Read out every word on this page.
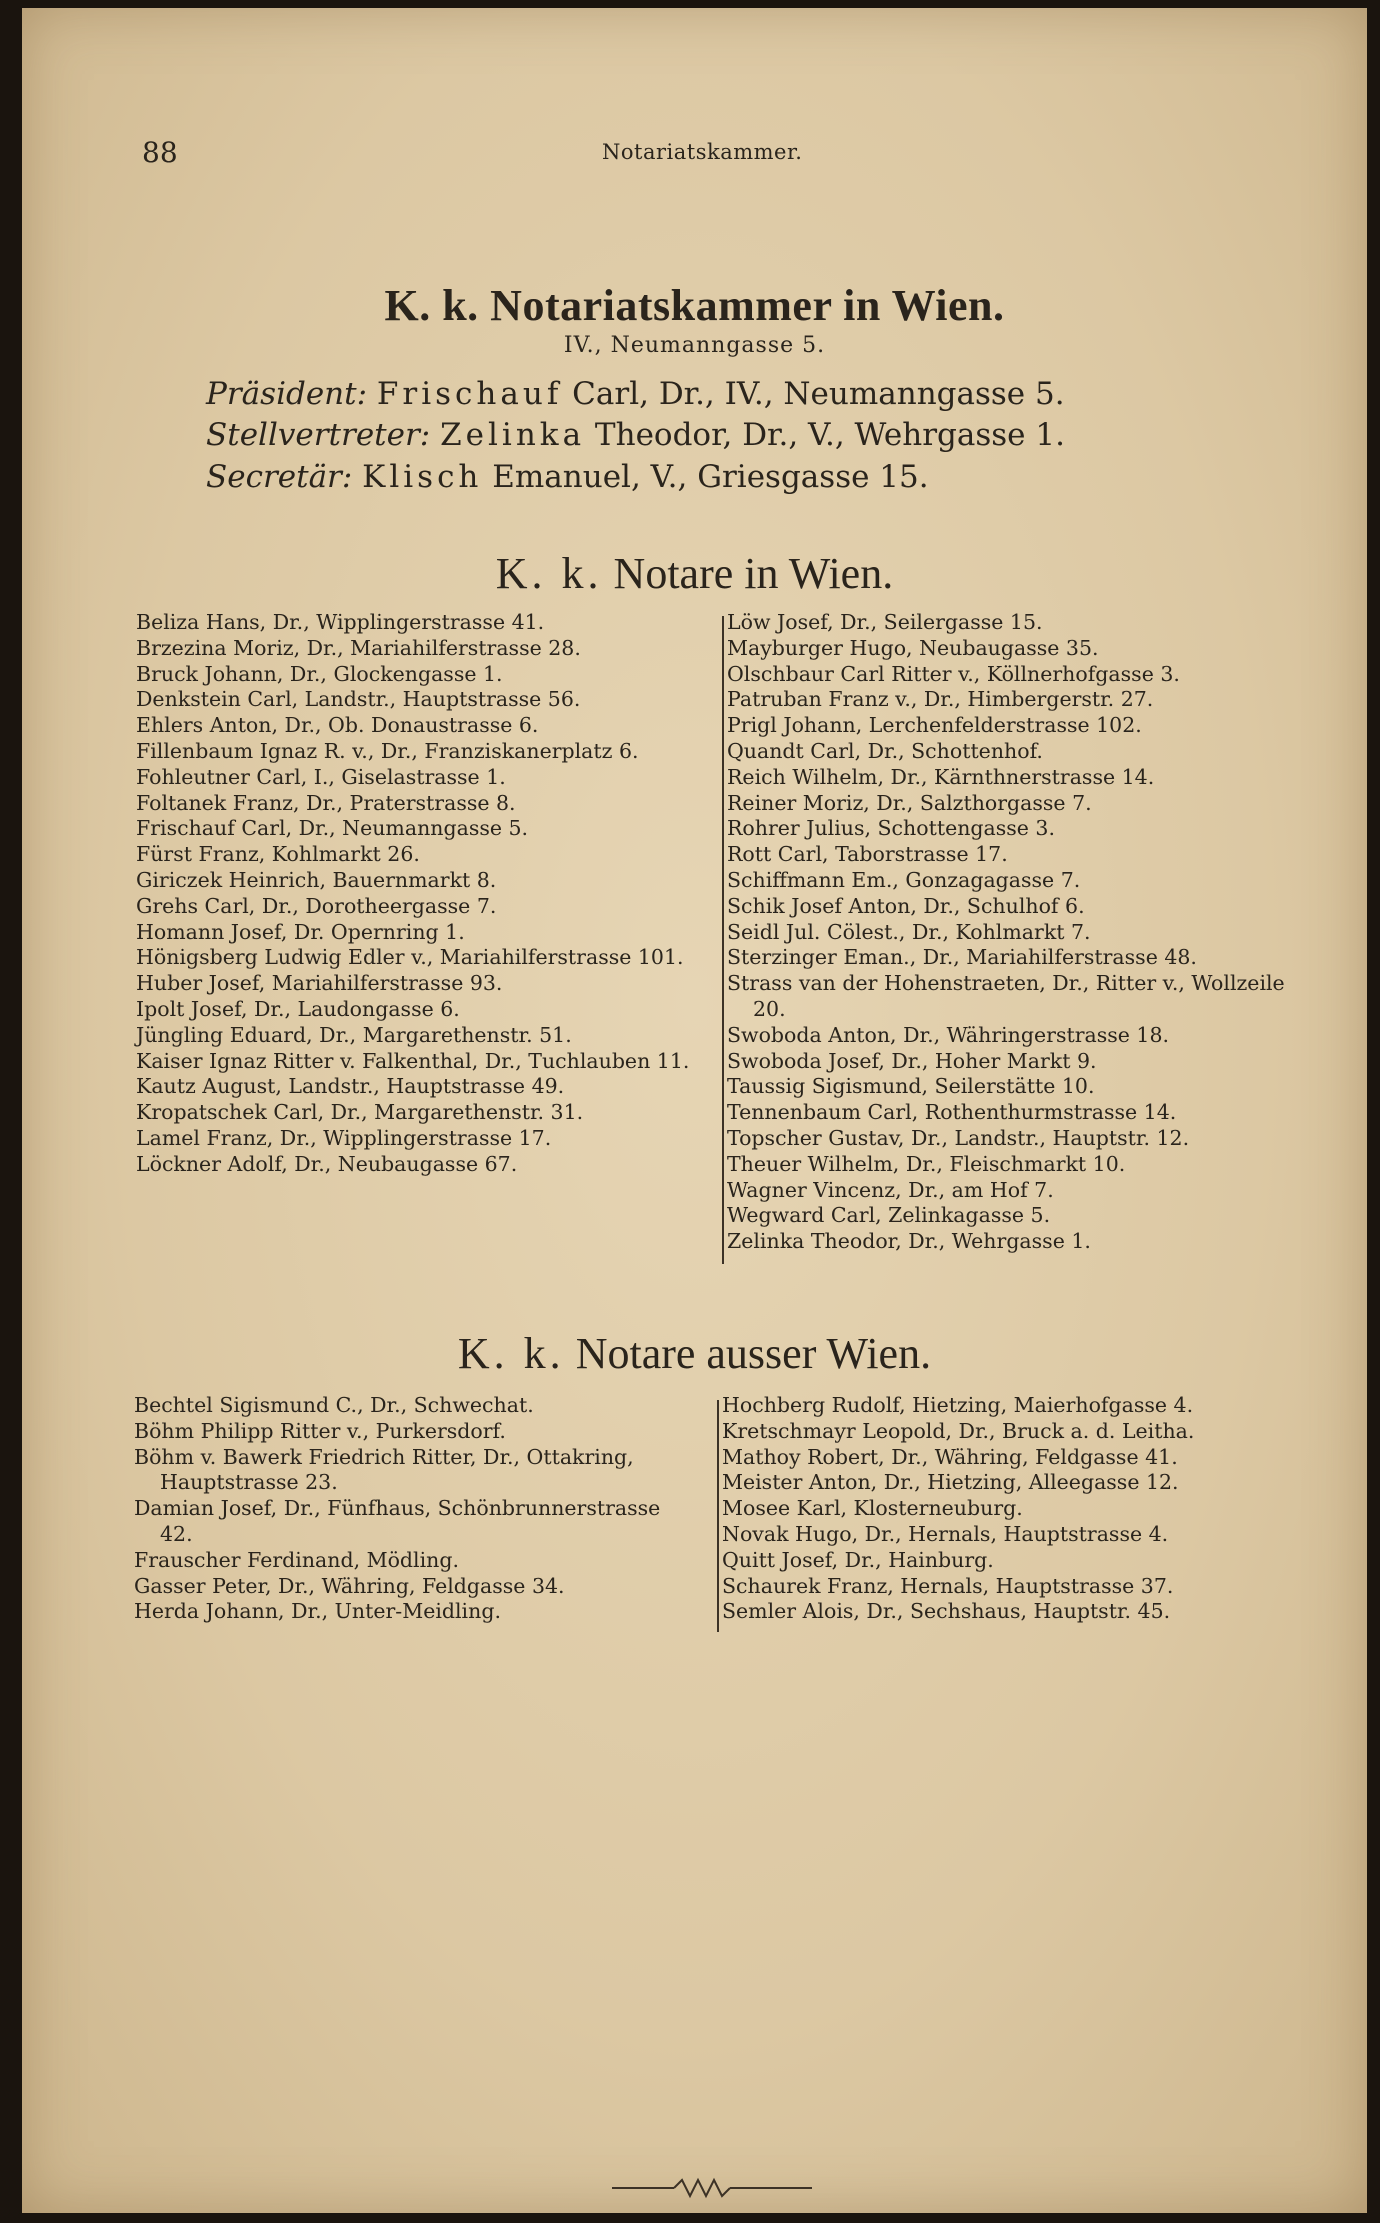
88	Notariatskammer.
K. k. Notariatskammer in Wien.
IV., Neumanngasse 5.
Präsident: Frischauf Carl, Dr., IV., Neumanngasse 5.
Stellvertreter: Zelinka Theodor, Dr., V., Wehrgasse 1.
Secretär: Klisch Emanuel, V., Griesgasse 15.
K. k. Notare in Wien.
Beliza Hans, Dr., Wipplingerstrasse 41.
Brzezina Moriz, Dr., Mariahilferstrasse 28.
Bruck Johann, Dr., Glockengasse 1.
Denkstein Carl, Landstr., Hauptstrasse 56.
Ehlers Anton, Dr., Ob. Donaustrasse 6.
Fillenbaum Ignaz R. v., Dr., Franziskanerplatz 6.
Fohleutner Carl, I., Giselastrasse 1.
Foltanek Franz, Dr., Praterstrasse 8.
Frischauf Carl, Dr., Neumanngasse 5.
Fürst Franz, Kohlmarkt 26.
Giriczek Heinrich, Bauernmarkt 8.
Grehs Carl, Dr., Dorotheergasse 7.
Homann Josef, Dr. Opernring 1.
Hönigsberg Ludwig Edler v., Mariahilferstrasse 101.
Huber Josef, Mariahilferstrasse 93.
Ipolt Josef, Dr., Laudongasse 6.
Jüngling Eduard, Dr., Margarethenstr. 51.
Kaiser Ignaz Ritter v. Falkenthal, Dr., Tuchlauben 11.
Kautz August, Landstr., Hauptstrasse 49.
Kropatschek Carl, Dr., Margarethenstr. 31.
Lamel Franz, Dr., Wipplingerstrasse 17.
Löckner Adolf, Dr., Neubaugasse 67.
Löw Josef, Dr., Seilergasse 15.
Mayburger Hugo, Neubaugasse 35.
Olschbaur Carl Ritter v., Köllnerhofgasse 3.
Patruban Franz v., Dr., Himbergerstr. 27.
Prigl Johann, Lerchenfelderstrasse 102.
Quandt Carl, Dr., Schottenhof.
Reich Wilhelm, Dr., Kärnthnerstrasse 14.
Reiner Moriz, Dr., Salzthorgasse 7.
Rohrer Julius, Schottengasse 3.
Rott Carl, Taborstrasse 17.
Schiffmann Em., Gonzagagasse 7.
Schik Josef Anton, Dr., Schulhof 6.
Seidl Jul. Cölest., Dr., Kohlmarkt 7.
Sterzinger Eman., Dr., Mariahilferstrasse 48.
Strass van der Hohenstraeten, Dr., Ritter v., Wollzeile 20.
Swoboda Anton, Dr., Währingerstrasse 18.
Swoboda Josef, Dr., Hoher Markt 9.
Taussig Sigismund, Seilerstätte 10.
Tennenbaum Carl, Rothenthurmstrasse 14.
Topscher Gustav, Dr., Landstr., Hauptstr. 12.
Theuer Wilhelm, Dr., Fleischmarkt 10.
Wagner Vincenz, Dr., am Hof 7.
Wegward Carl, Zelinkagasse 5.
Zelinka Theodor, Dr., Wehrgasse 1.
K. k. Notare ausser Wien.
Bechtel Sigismund C., Dr., Schwechat.
Böhm Philipp Ritter v., Purkersdorf.
Böhm v. Bawerk Friedrich Ritter, Dr., Ottakring, Hauptstrasse 23.
Damian Josef, Dr., Fünfhaus, Schönbrunnerstrasse 42.
Frauscher Ferdinand, Mödling.
Gasser Peter, Dr., Währing, Feldgasse 34.
Herda Johann, Dr., Unter-Meidling.
Hochberg Rudolf, Hietzing, Maierhofgasse 4.
Kretschmayr Leopold, Dr., Bruck a. d. Leitha.
Mathoy Robert, Dr., Währing, Feldgasse 41.
Meister Anton, Dr., Hietzing, Alleegasse 12.
Mosee Karl, Klosterneuburg.
Novak Hugo, Dr., Hernals, Hauptstrasse 4.
Quitt Josef, Dr., Hainburg.
Schaurek Franz, Hernals, Hauptstrasse 37.
Semler Alois, Dr., Sechshaus, Hauptstr. 45.
